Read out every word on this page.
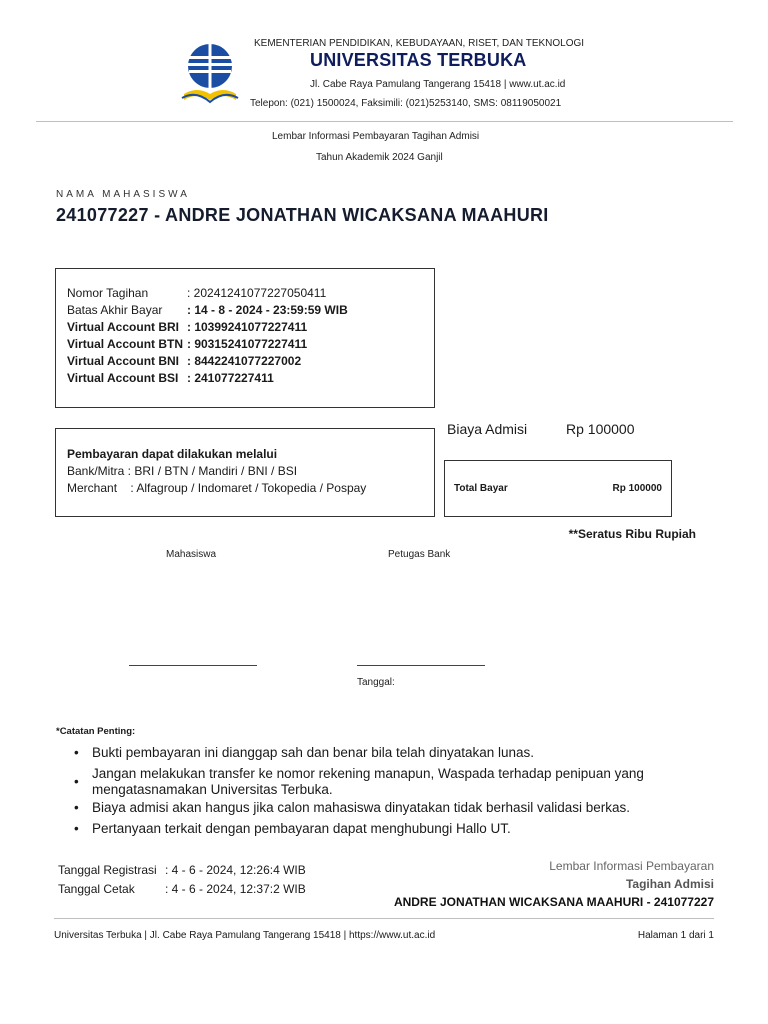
KEMENTERIAN PENDIDIKAN, KEBUDAYAAN, RISET, DAN TEKNOLOGI
UNIVERSITAS TERBUKA
Jl. Cabe Raya Pamulang Tangerang 15418 | www.ut.ac.id
Telepon: (021) 1500024, Faksimili: (021)5253140, SMS: 08119050021
Lembar Informasi Pembayaran Tagihan Admisi
Tahun Akademik 2024 Ganjil
NAMA MAHASISWA
241077227 - ANDRE JONATHAN WICAKSANA MAAHURI
Nomor Tagihan	: 20241241077227050411
Batas Akhir Bayar : 14 - 8 - 2024 - 23:59:59 WIB
Virtual Account BRI : 10399241077227411
Virtual Account BTN : 90315241077227411
Virtual Account BNI : 8442241077227002
Virtual Account BSI : 241077227411
Pembayaran dapat dilakukan melalui
Bank/Mitra : BRI / BTN / Mandiri / BNI / BSI
Merchant    : Alfagroup / Indomaret / Tokopedia / Pospay
Biaya Admisi	Rp 100000
Total Bayar	Rp 100000
**Seratus Ribu Rupiah
Mahasiswa	Petugas Bank
Tanggal:
*Catatan Penting:
• Bukti pembayaran ini dianggap sah dan benar bila telah dinyatakan lunas.
•
Jangan melakukan transfer ke nomor rekening manapun, Waspada terhadap penipuan yang
mengatasnamakan Universitas Terbuka.
• Biaya admisi akan hangus jika calon mahasiswa dinyatakan tidak berhasil validasi berkas.
• Pertanyaan terkait dengan pembayaran dapat menghubungi Hallo UT.
Tanggal Registrasi : 4 - 6 - 2024, 12:26:4 WIB
Tanggal Cetak	: 4 - 6 - 2024, 12:37:2 WIB
Lembar Informasi Pembayaran
Tagihan Admisi
ANDRE JONATHAN WICAKSANA MAAHURI - 241077227
Universitas Terbuka | Jl. Cabe Raya Pamulang Tangerang 15418 | https://www.ut.ac.id	Halaman 1 dari 1
